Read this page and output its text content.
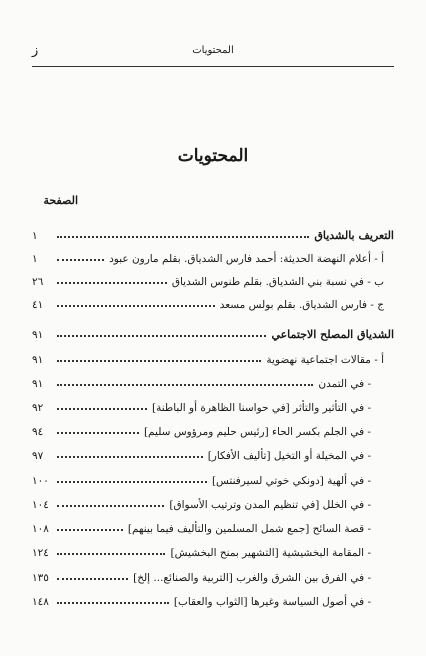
المحتويات
ز
المحتويات
الصفحة
التعريف بالشدياق
١
أ - أعلام النهضة الحديثة: أحمد فارس الشدياق. بقلم مارون عبود
١
ب - في نسبة بني الشدياق. بقلم طنوس الشدياق
٢٦
ج - فارس الشدياق. بقلم بولس مسعد
٤١
الشدياق المصلح الاجتماعي
٩١
أ - مقالات اجتماعية نهضوية
٩١
- في التمدن
٩١
- في التأثير والتأثر [في حواسنا الظاهرة أو الباطنة]
٩٢
- في الجلم بكسر الحاء [رئيس حليم ومرؤوس سليم]
٩٤
- في المخيلة أو التخيل [تأليف الأفكار]
٩٧
- في ألهية [دونكي خوتي لسيرفنتس]
١٠٠
- في الخلل [في تنظيم المدن وترتيب الأسواق]
١٠٤
- قصة السائح [جمع شمل المسلمين والتأليف فيما بينهم]
١٠٨
- المقامة البخشيشية [التشهير بمنح البخشيش]
١٢٤
- في الفرق بين الشرق والغرب [التربية والصنائع... إلخ]
١٣٥
- في أصول السياسة وغيرها [الثواب والعقاب]
١٤٨
